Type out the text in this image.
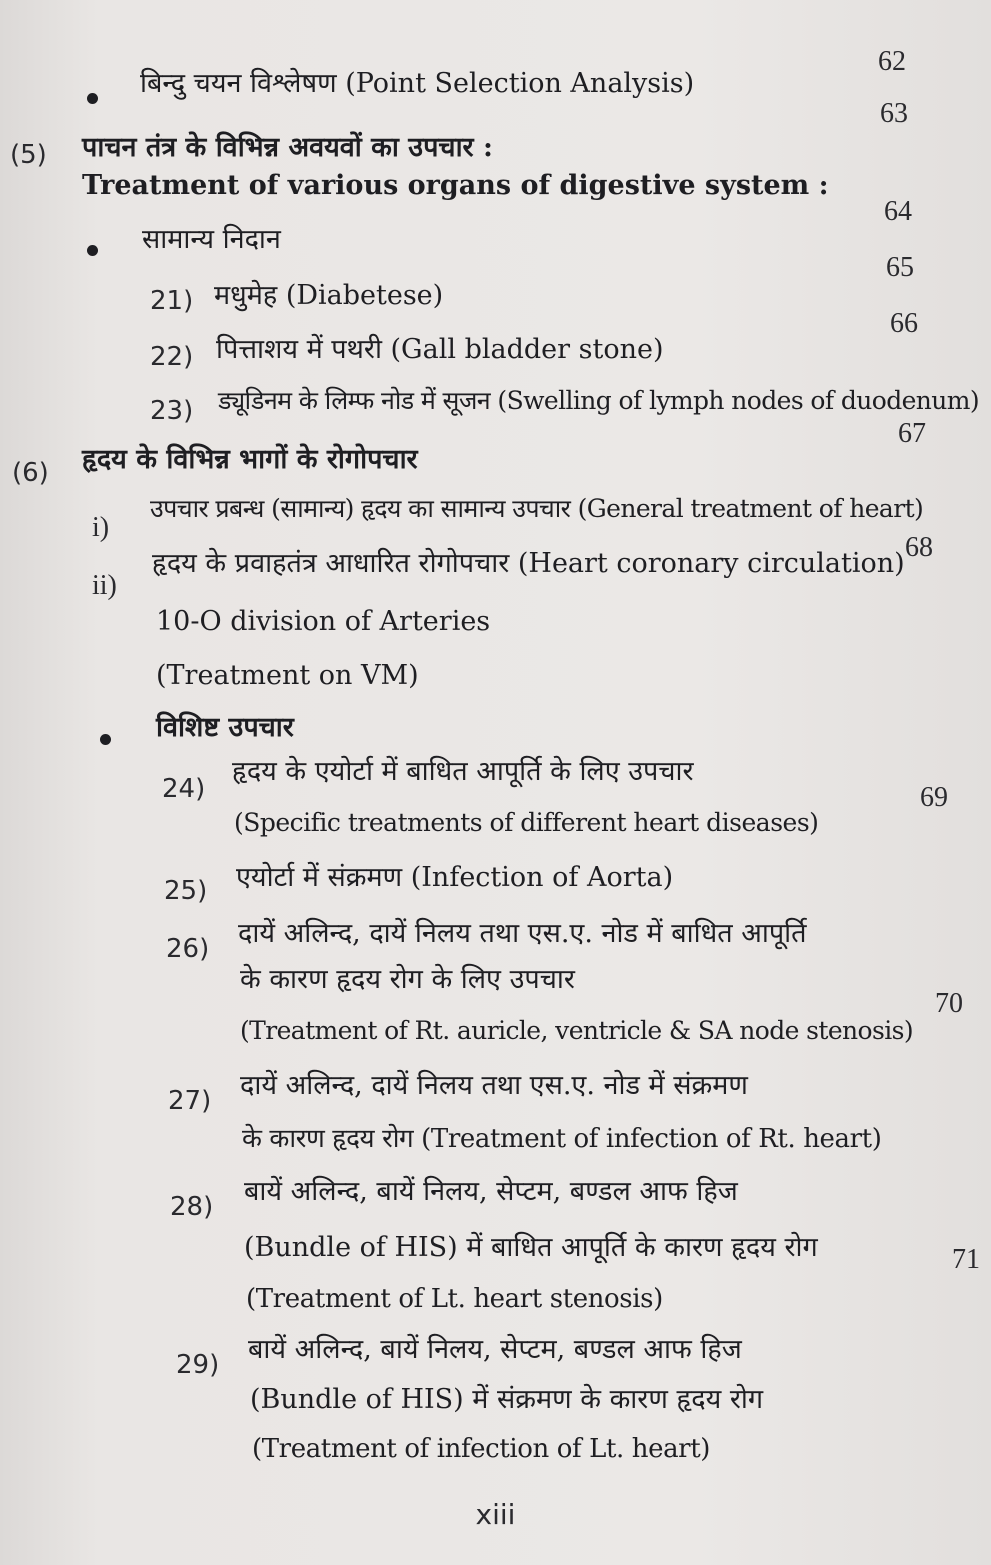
62
63
64
65
66
67
68
69
70
71
बिन्दु चयन विश्लेषण (Point Selection Analysis)
(5) पाचन तंत्र के विभिन्न अवयवों का उपचार :
Treatment of various organs of digestive system :
सामान्य निदान
21) मधुमेह (Diabetese)
22) पित्ताशय में पथरी (Gall bladder stone)
23) ड्यूडिनम के लिम्फ नोड में सूजन (Swelling of lymph nodes of duodenum)
(6) हृदय के विभिन्न भागों के रोगोपचार
i)
उपचार प्रबन्ध (सामान्य) हृदय का सामान्य उपचार (General treatment of heart)
ii)
हृदय के प्रवाहतंत्र आधारित रोगोपचार (Heart coronary circulation)
10-O division of Arteries
(Treatment on VM)
विशिष्ट उपचार
24)
हृदय के एयोर्टा में बाधित आपूर्ति के लिए उपचार
(Specific treatments of different heart diseases)
25) एयोर्टा में संक्रमण (Infection of Aorta)
26) दायें अलिन्द, दायें निलय तथा एस.ए. नोड में बाधित आपूर्ति
के कारण हृदय रोग के लिए उपचार
(Treatment of Rt. auricle, ventricle & SA node stenosis)
27) दायें अलिन्द, दायें निलय तथा एस.ए. नोड में संक्रमण
के कारण हृदय रोग (Treatment of infection of Rt. heart)
28) बायें अलिन्द, बायें निलय, सेप्टम, बण्डल आफ हिज
(Bundle of HIS) में बाधित आपूर्ति के कारण हृदय रोग
(Treatment of Lt. heart stenosis)
29) बायें अलिन्द, बायें निलय, सेप्टम, बण्डल आफ हिज
(Bundle of HIS) में संक्रमण के कारण हृदय रोग
(Treatment of infection of Lt. heart)
xiii
